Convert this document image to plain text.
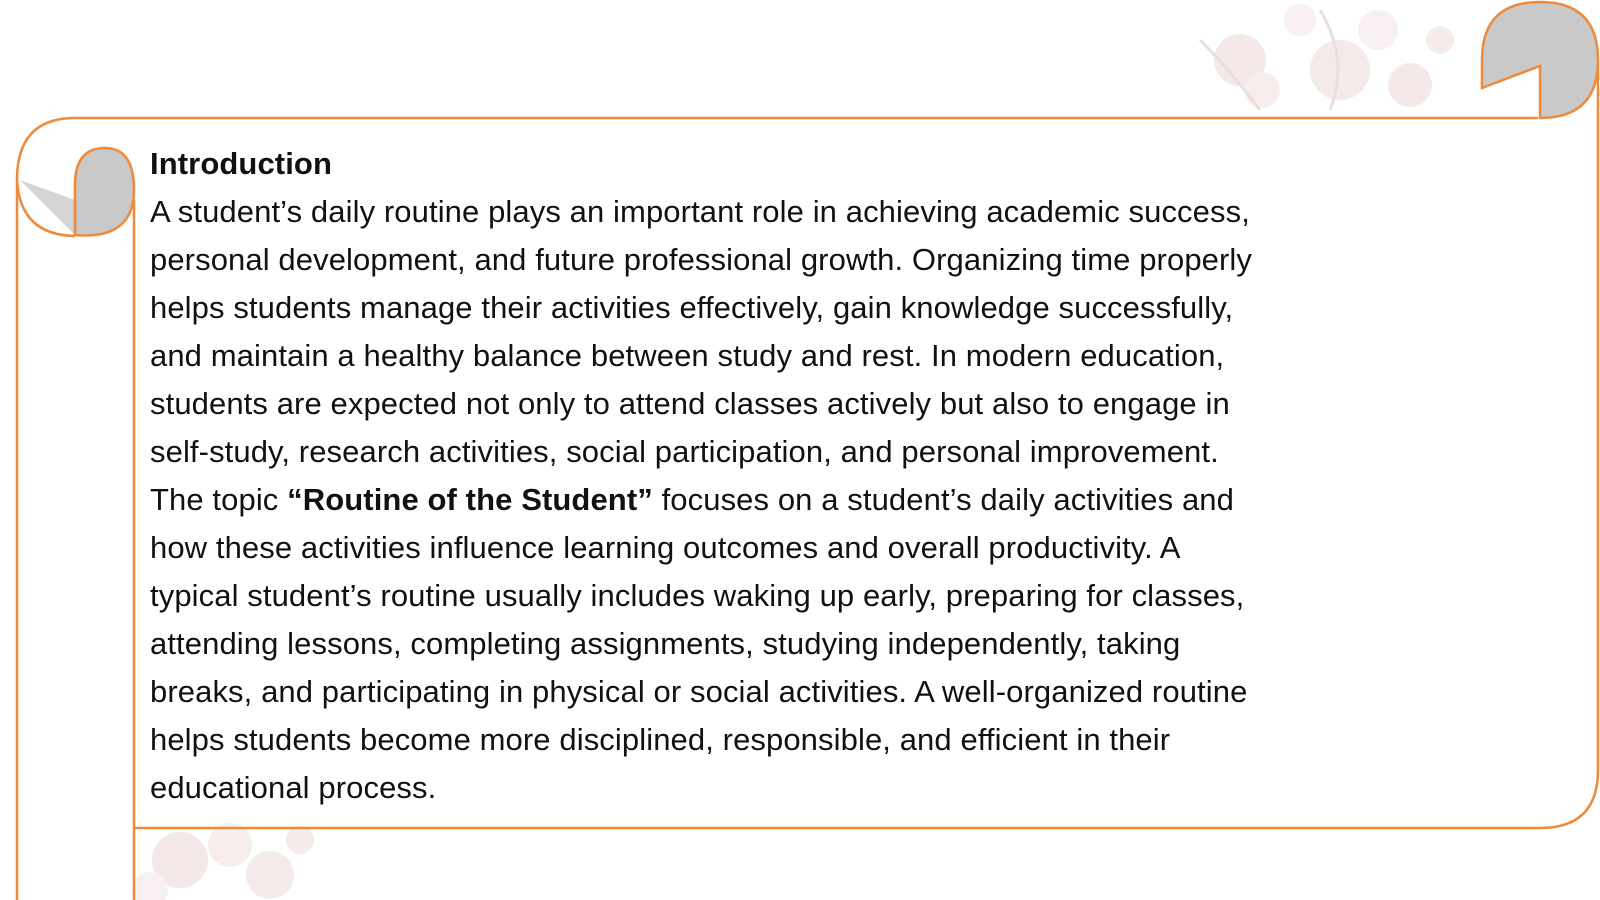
Introduction
A student’s daily routine plays an important role in achieving academic success,
personal development, and future professional growth. Organizing time properly
helps students manage their activities effectively, gain knowledge successfully,
and maintain a healthy balance between study and rest. In modern education,
students are expected not only to attend classes actively but also to engage in
self-study, research activities, social participation, and personal improvement.
The topic “Routine of the Student” focuses on a student’s daily activities and
how these activities influence learning outcomes and overall productivity. A
typical student’s routine usually includes waking up early, preparing for classes,
attending lessons, completing assignments, studying independently, taking
breaks, and participating in physical or social activities. A well-organized routine
helps students become more disciplined, responsible, and efficient in their
educational process.
